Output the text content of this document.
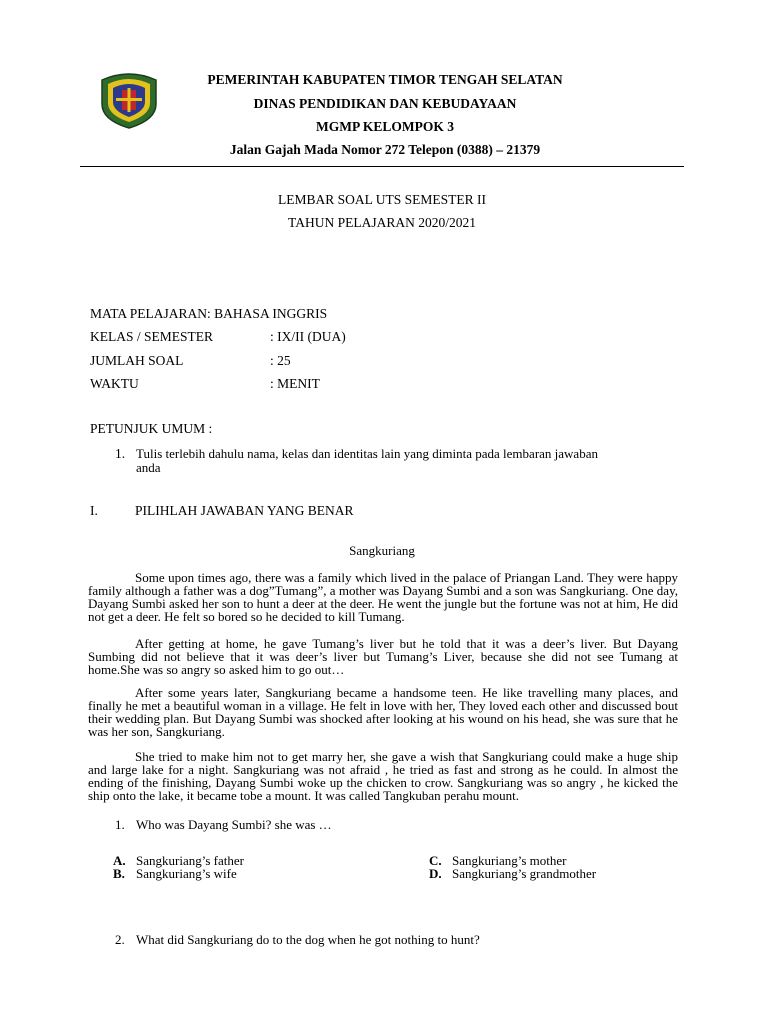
PEMERINTAH KABUPATEN TIMOR TENGAH SELATAN
DINAS PENDIDIKAN DAN KEBUDAYAAN
MGMP KELOMPOK 3
Jalan Gajah Mada Nomor 272 Telepon (0388) – 21379
LEMBAR SOAL UTS SEMESTER II
TAHUN PELAJARAN 2020/2021
MATA PELAJARAN: BAHASA INGGRIS
KELAS / SEMESTER	: IX/II (DUA)
JUMLAH SOAL	: 25
WAKTU	: MENIT
PETUNJUK UMUM :
1. Tulis terlebih dahulu nama, kelas dan identitas lain yang diminta pada lembaran jawaban
anda
I.	PILIHLAH JAWABAN YANG BENAR
Sangkuriang
Some upon times ago, there was a family which lived in the palace of Priangan Land. They were happy family although a father was a dog”Tumang”, a mother was Dayang Sumbi and a son was Sangkuriang. One day, Dayang Sumbi asked her son to hunt a deer at the deer. He went the jungle but the fortune was not at him, He did not get a deer. He felt so bored so he decided to kill Tumang.
After getting at home, he gave Tumang’s liver but he told that it was a deer’s liver. But Dayang Sumbing did not believe that it was deer’s liver but Tumang’s Liver, because she did not see Tumang at home.She was so angry so asked him to go out…
After some years later, Sangkuriang became a handsome teen. He like travelling many places, and finally he met a beautiful woman in a village. He felt in love with her, They loved each other and discussed bout their wedding plan. But Dayang Sumbi was shocked after looking at his wound on his head, she was sure that he was her son, Sangkuriang.
She tried to make him not to get marry her, she gave a wish that Sangkuriang could make a huge ship and large lake for a night. Sangkuriang was not afraid , he tried as fast and strong as he could. In almost the ending of the finishing, Dayang Sumbi woke up the chicken to crow. Sangkuriang was so angry , he kicked the ship onto the lake, it became tobe a mount. It was called Tangkuban perahu mount.
1. Who was Dayang Sumbi? she was …
A. Sangkuriang’s father
B. Sangkuriang’s wife
C. Sangkuriang’s mother
D. Sangkuriang’s grandmother
2. What did Sangkuriang do to the dog when he got nothing to hunt?
